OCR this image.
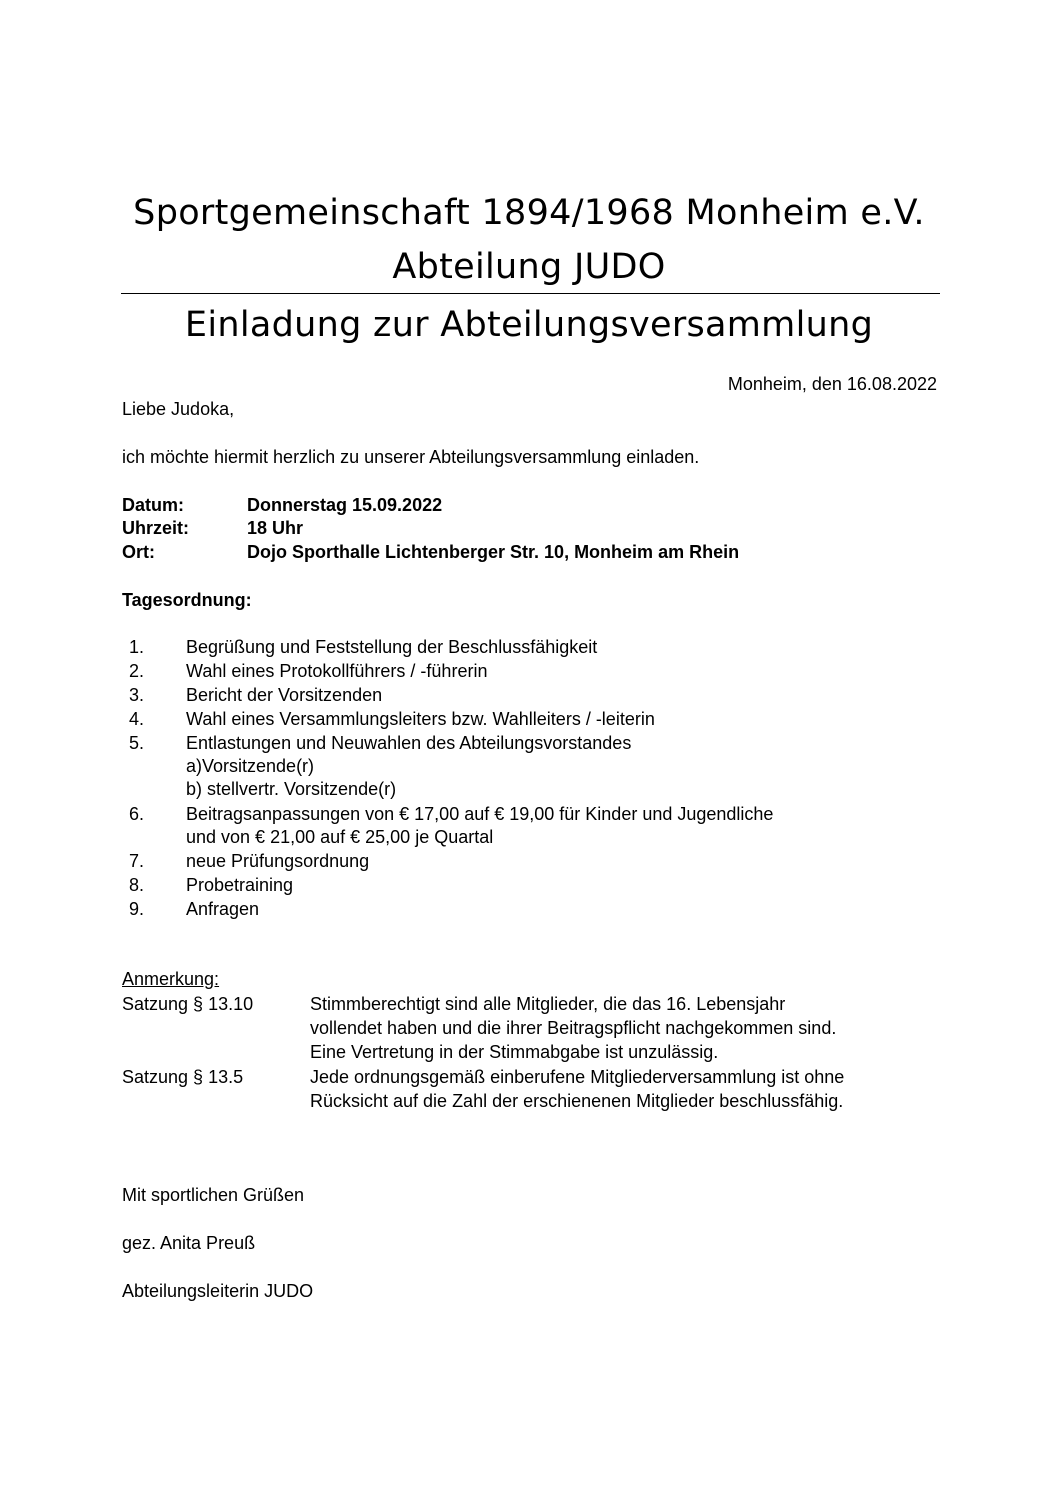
Sportgemeinschaft 1894/1968 Monheim e.V.
Abteilung JUDO
Einladung zur Abteilungsversammlung
Monheim, den 16.08.2022
Liebe Judoka,
ich möchte hiermit herzlich zu unserer Abteilungsversammlung einladen.
Datum:	Donnerstag 15.09.2022
Uhrzeit:	18 Uhr
Ort:	Dojo Sporthalle Lichtenberger Str. 10, Monheim am Rhein
Tagesordnung:
1. Begrüßung und Feststellung der Beschlussfähigkeit
2. Wahl eines Protokollführers / -führerin
3. Bericht der Vorsitzenden
4. Wahl eines Versammlungsleiters bzw. Wahlleiters / -leiterin
5. Entlastungen und Neuwahlen des Abteilungsvorstandes
a)Vorsitzende(r)
b) stellvertr. Vorsitzende(r)
6. Beitragsanpassungen von € 17,00 auf € 19,00 für Kinder und Jugendliche
und von € 21,00 auf € 25,00 je Quartal
7. neue Prüfungsordnung
8. Probetraining
9. Anfragen
Anmerkung:
Satzung § 13.10	Stimmberechtigt sind alle Mitglieder, die das 16. Lebensjahr
vollendet haben und die ihrer Beitragspflicht nachgekommen sind.
Eine Vertretung in der Stimmabgabe ist unzulässig.
Satzung § 13.5	Jede ordnungsgemäß einberufene Mitgliederversammlung ist ohne
Rücksicht auf die Zahl der erschienenen Mitglieder beschlussfähig.
Mit sportlichen Grüßen
gez. Anita Preuß
Abteilungsleiterin JUDO
